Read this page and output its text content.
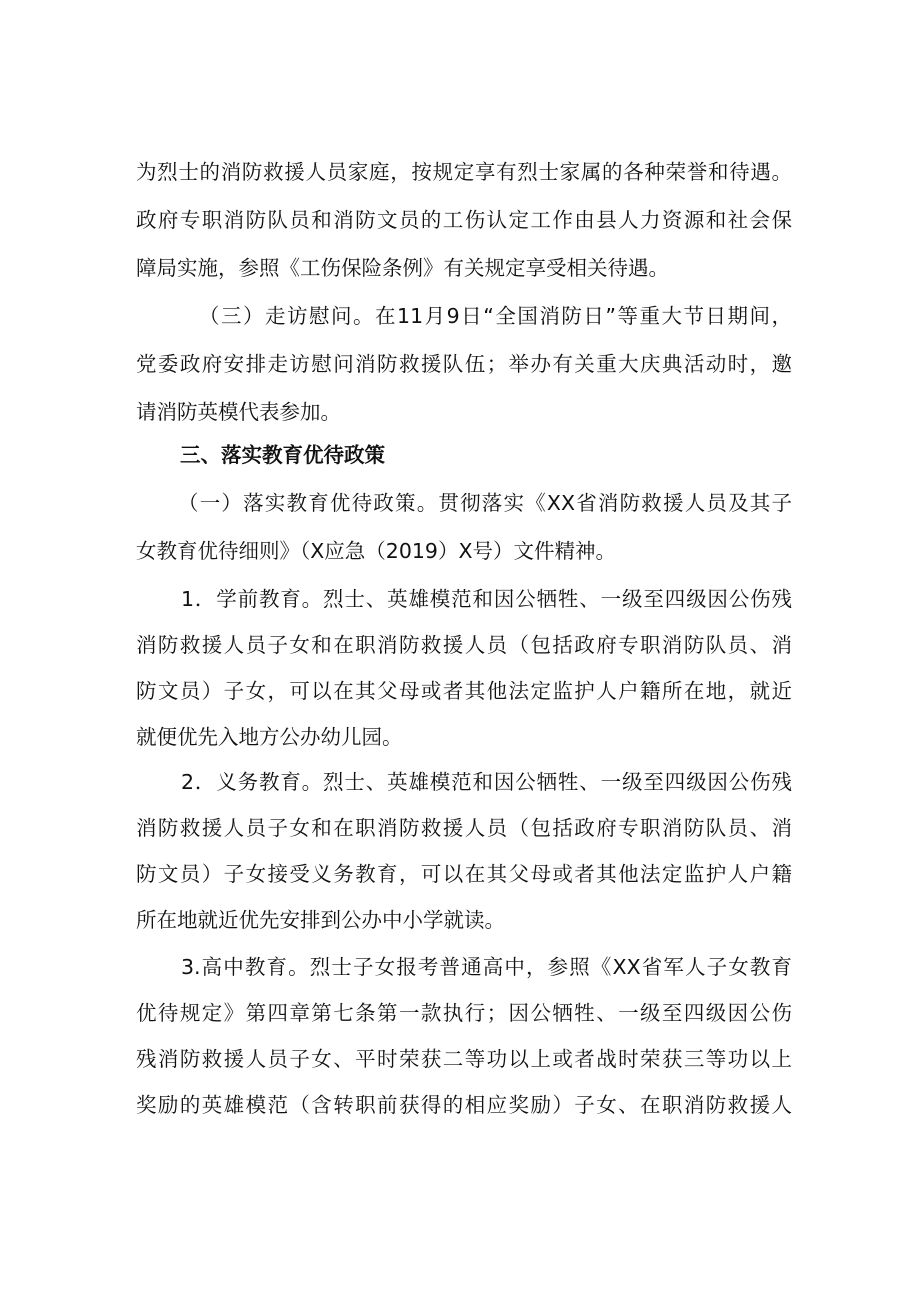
为烈士的消防救援人员家庭，按规定享有烈士家属的各种荣誉和待遇。

政府专职消防队员和消防文员的工伤认定工作由县人力资源和社会保

障局实施，参照《工伤保险条例》有关规定享受相关待遇。

（三）走访慰问。在11月9日“全国消防日”等重大节日期间，

党委政府安排走访慰问消防救援队伍；举办有关重大庆典活动时，邀

请消防英模代表参加。

三、落实教育优待政策

（一）落实教育优待政策。贯彻落实《XX省消防救援人员及其子

女教育优待细则》（X应急（2019）X号）文件精神。

1．学前教育。烈士、英雄模范和因公牺牲、一级至四级因公伤残

消防救援人员子女和在职消防救援人员（包括政府专职消防队员、消

防文员）子女，可以在其父母或者其他法定监护人户籍所在地，就近

就便优先入地方公办幼儿园。

2．义务教育。烈士、英雄模范和因公牺牲、一级至四级因公伤残

消防救援人员子女和在职消防救援人员（包括政府专职消防队员、消

防文员）子女接受义务教育，可以在其父母或者其他法定监护人户籍

所在地就近优先安排到公办中小学就读。

3.高中教育。烈士子女报考普通高中，参照《XX省军人子女教育

优待规定》第四章第七条第一款执行；因公牺牲、一级至四级因公伤

残消防救援人员子女、平时荣获二等功以上或者战时荣获三等功以上

奖励的英雄模范（含转职前获得的相应奖励）子女、在职消防救援人
